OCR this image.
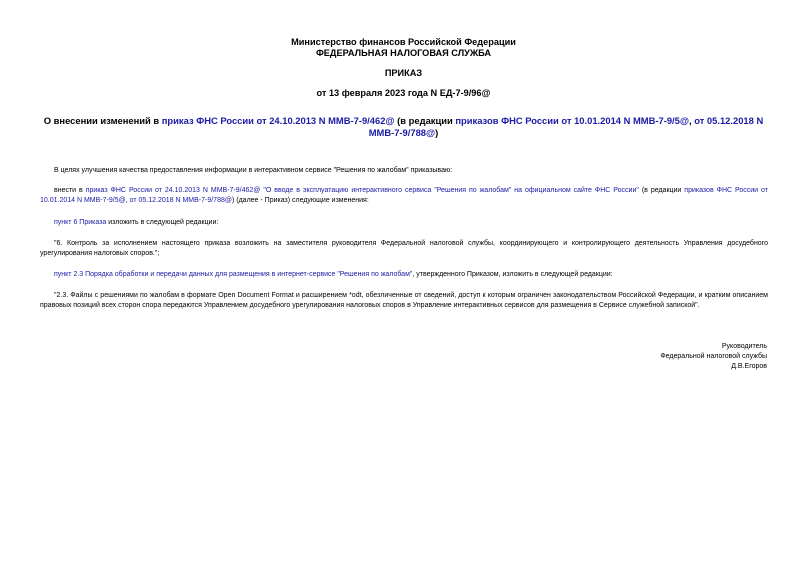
Министерство финансов Российской Федерации
ФЕДЕРАЛЬНАЯ НАЛОГОВАЯ СЛУЖБА
ПРИКАЗ
от 13 февраля 2023 года N ЕД-7-9/96@
О внесении изменений в приказ ФНС России от 24.10.2013 N ММВ-7-9/462@ (в редакции приказов ФНС России от 10.01.2014 N ММВ-7-9/5@, от 05.12.2018 N ММВ-7-9/788@)
В целях улучшения качества предоставления информации в интерактивном сервисе "Решения по жалобам" приказываю:
внести в приказ ФНС России от 24.10.2013 N ММВ-7-9/462@ "О вводе в эксплуатацию интерактивного сервиса "Решения по жалобам" на официальном сайте ФНС России" (в редакции приказов ФНС России от 10.01.2014 N ММВ-7-9/5@, от 05.12.2018 N ММВ-7-9/788@) (далее - Приказ) следующие изменения:
пункт 6 Приказа изложить в следующей редакции:
"6. Контроль за исполнением настоящего приказа возложить на заместителя руководителя Федеральной налоговой службы, координирующего и контролирующего деятельность Управления досудебного урегулирования налоговых споров.";
пункт 2.3 Порядка обработки и передачи данных для размещения в интернет-сервисе "Решения по жалобам", утвержденного Приказом, изложить в следующей редакции:
"2.3. Файлы с решениями по жалобам в формате Open Document Format и расширением *odt, обезличенные от сведений, доступ к которым ограничен законодательством Российской Федерации, и кратким описанием правовых позиций всех сторон спора передаются Управлением досудебного урегулирования налоговых споров в Управление интерактивных сервисов для размещения в Сервисе служебной запиской".
Руководитель
Федеральной налоговой службы
Д.В.Егоров
